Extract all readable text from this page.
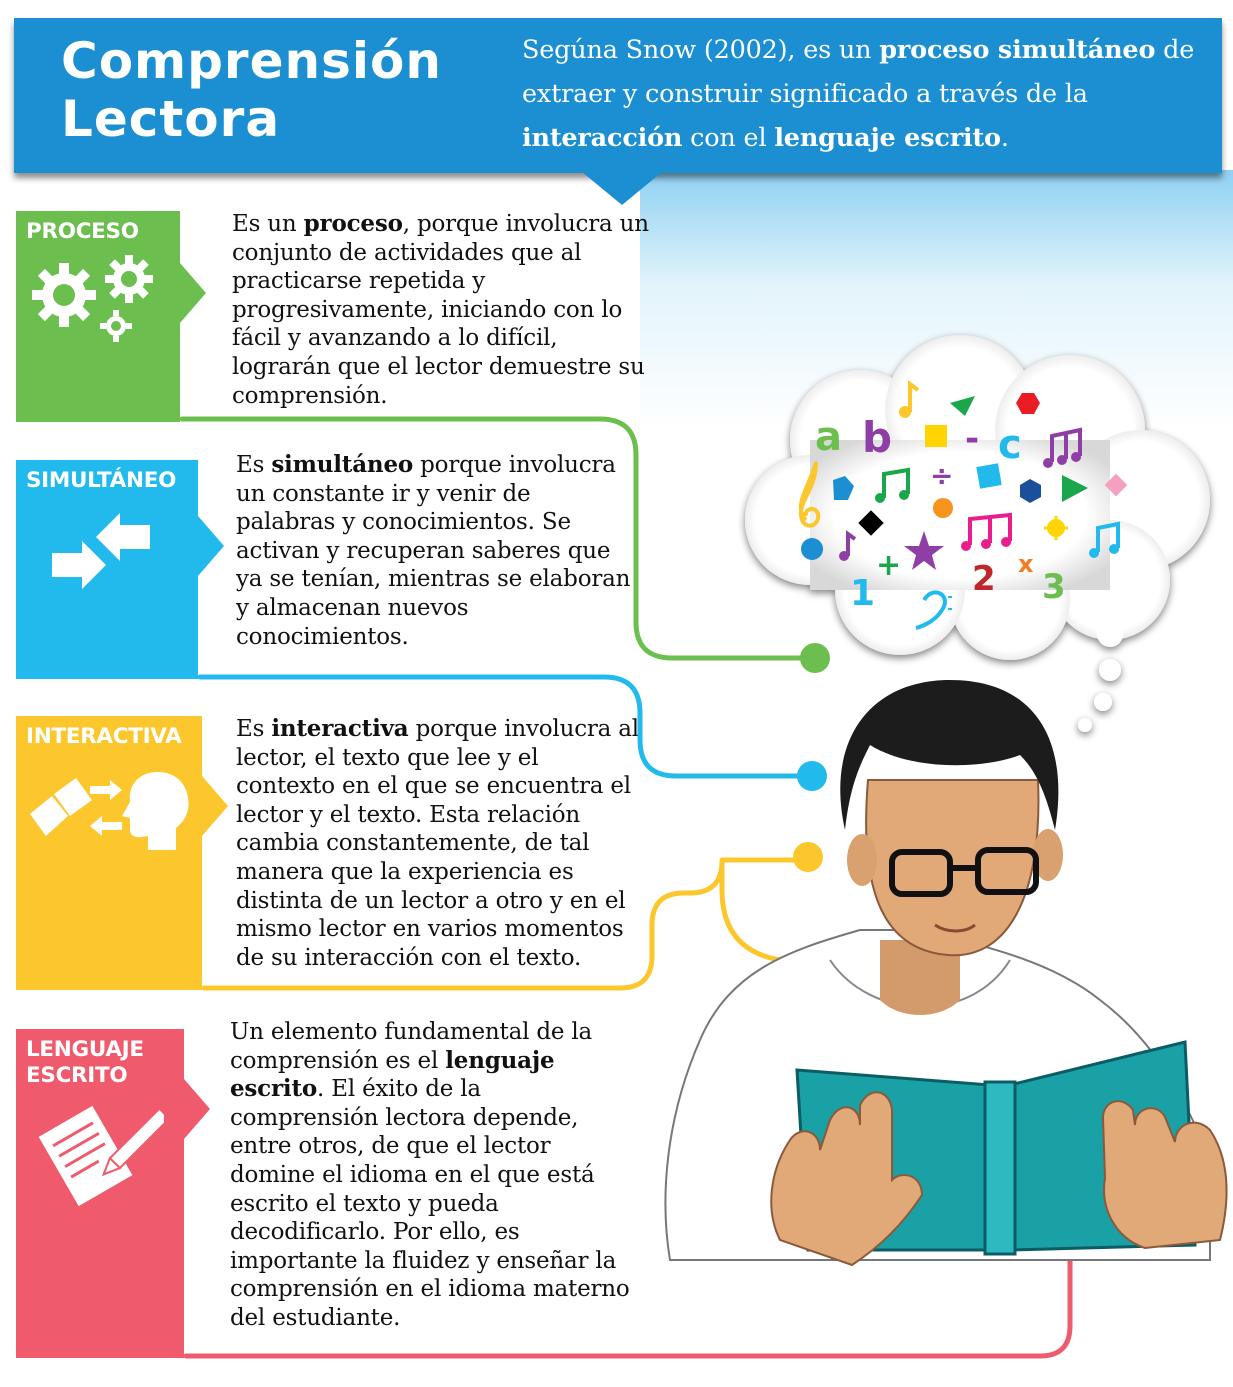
Comprensión
Lectora
Segúna Snow (2002), es un proceso simultáneo de extraer y construir significado a través de la interacción con el lenguaje escrito.
PROCESO
SIMULTÁNEO
INTERACTIVA
LENGUAJE
ESCRITO
Es un proceso, porque involucra un conjunto de actividades que al practicarse repetida y progresivamente, iniciando con lo fácil y avanzando a lo difícil, lograrán que el lector demuestre su comprensión.
Es simultáneo porque involucra un constante ir y venir de palabras y conocimientos. Se activan y recuperan saberes que ya se tenían, mientras se elaboran y almacenan nuevos conocimientos.
Es interactiva porque involucra al lector, el texto que lee y el contexto en el que se encuentra el lector y el texto. Esta relación cambia constantemente, de tal manera que la experiencia es distinta de un lector a otro y en el mismo lector en varios momentos de su interacción con el texto.
Un elemento fundamental de la comprensión es el lenguaje escrito. El éxito de la comprensión lectora depende, entre otros, de que el lector domine el idioma en el que está escrito el texto y pueda decodificarlo. Por ello, es importante la fluidez y enseñar la comprensión en el idioma materno del estudiante.
a b - c
1	2 3
+
÷
x
